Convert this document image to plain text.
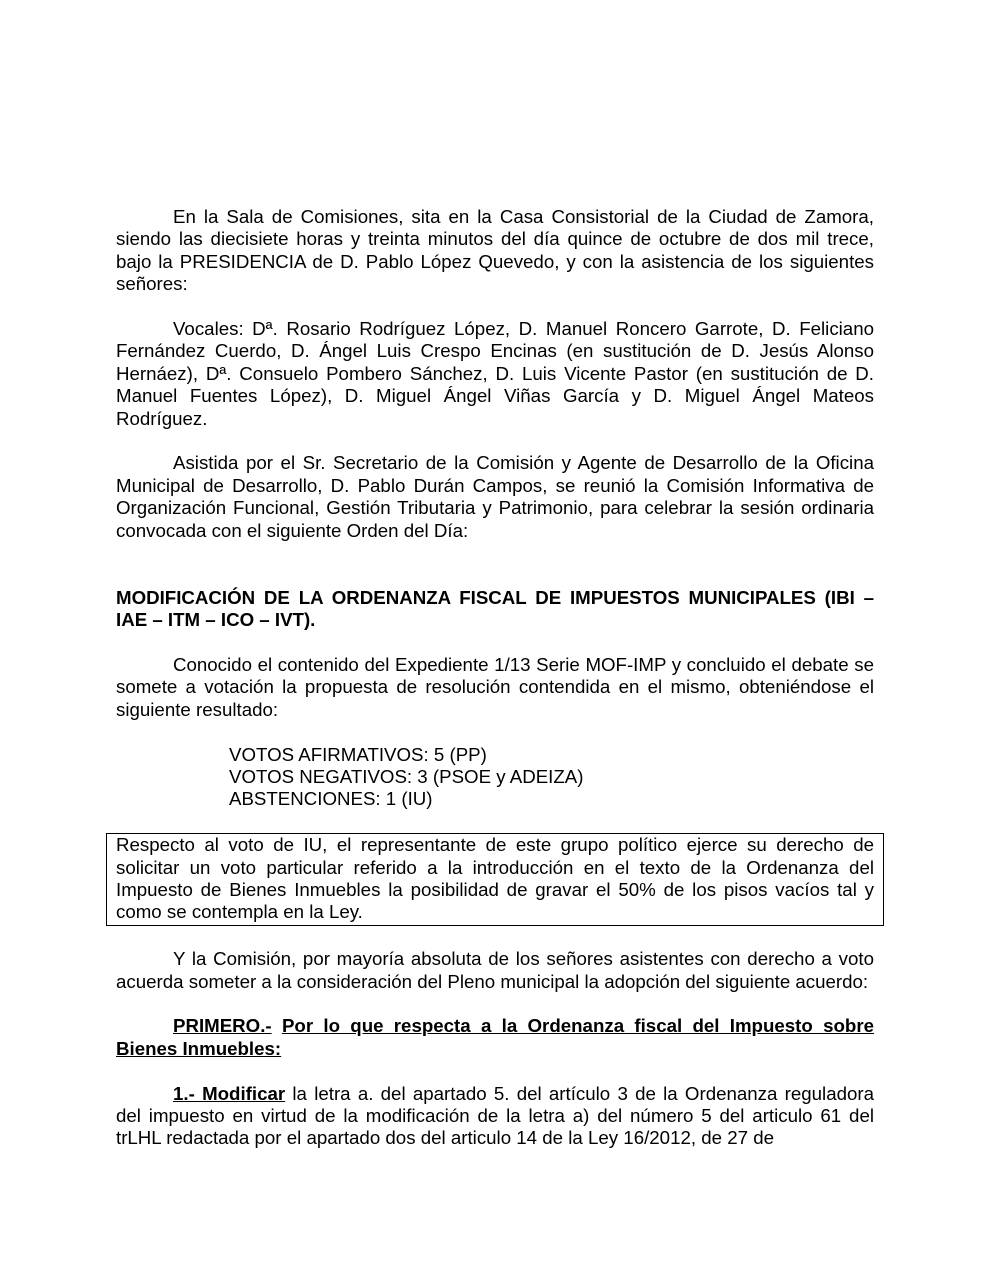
En la Sala de Comisiones, sita en la Casa Consistorial de la Ciudad de Zamora, siendo las diecisiete horas y treinta minutos del día quince de octubre de dos mil trece, bajo la PRESIDENCIA de D. Pablo López Quevedo, y con la asistencia de los siguientes señores:

Vocales: Dª. Rosario Rodríguez López, D. Manuel Roncero Garrote, D. Feliciano Fernández Cuerdo, D. Ángel Luis Crespo Encinas (en sustitución de D. Jesús Alonso Hernáez), Dª. Consuelo Pombero Sánchez, D. Luis Vicente Pastor (en sustitución de D. Manuel Fuentes López), D. Miguel Ángel Viñas García y D. Miguel Ángel Mateos Rodríguez.

Asistida por el Sr. Secretario de la Comisión y Agente de Desarrollo de la Oficina Municipal de Desarrollo, D. Pablo Durán Campos, se reunió la Comisión Informativa de Organización Funcional, Gestión Tributaria y Patrimonio, para celebrar la sesión ordinaria convocada con el siguiente Orden del Día:

MODIFICACIÓN DE LA ORDENANZA FISCAL DE IMPUESTOS MUNICIPALES (IBI – IAE – ITM – ICO – IVT).

Conocido el contenido del Expediente 1/13 Serie MOF-IMP y concluido el debate se somete a votación la propuesta de resolución contendida en el mismo, obteniéndose el siguiente resultado:

VOTOS AFIRMATIVOS: 5 (PP)
VOTOS NEGATIVOS: 3 (PSOE y ADEIZA)
ABSTENCIONES: 1 (IU)

Respecto al voto de IU, el representante de este grupo político ejerce su derecho de solicitar un voto particular referido a la introducción en el texto de la Ordenanza del Impuesto de Bienes Inmuebles la posibilidad de gravar el 50% de los pisos vacíos tal y como se contempla en la Ley.

Y la Comisión, por mayoría absoluta de los señores asistentes con derecho a voto acuerda someter a la consideración del Pleno municipal la adopción del siguiente acuerdo:

PRIMERO.- Por lo que respecta a la Ordenanza fiscal del Impuesto sobre Bienes Inmuebles:

1.- Modificar la letra a. del apartado 5. del artículo 3 de la Ordenanza reguladora del impuesto en virtud de la modificación de la letra a) del número 5 del articulo 61 del trLHL redactada por el apartado dos del articulo 14 de la Ley 16/2012, de 27 de
